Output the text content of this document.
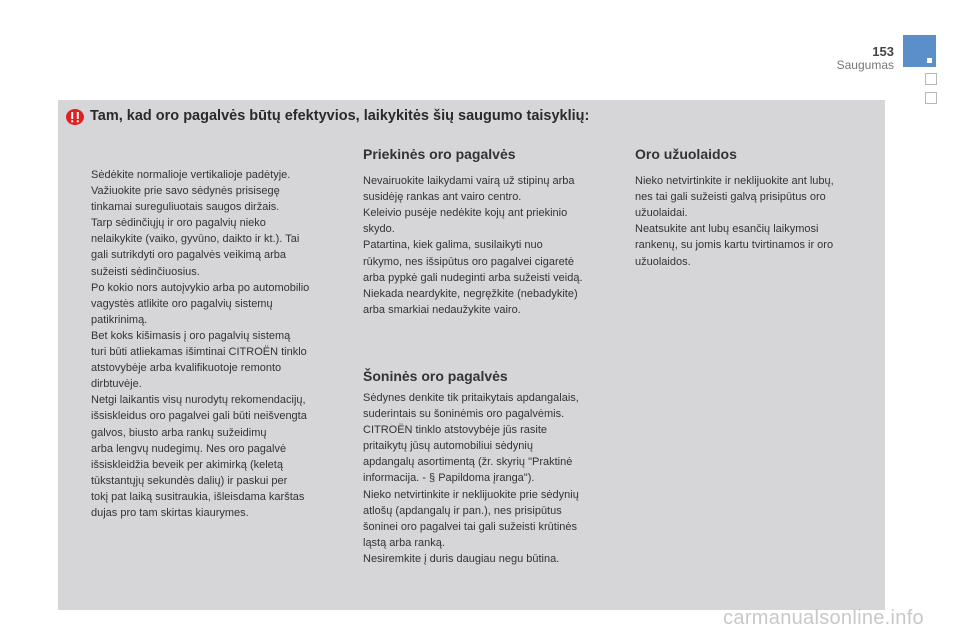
153
Saugumas
Tam, kad oro pagalvės būtų efektyvios, laikykitės šių saugumo taisyklių:

Sėdėkite normalioje vertikalioje padėtyje.

Važiuokite prie savo sėdynės prisisegę

tinkamai sureguliuotais saugos diržais.

Tarp sėdinčiųjų ir oro pagalvių nieko

nelaikykite (vaiko, gyvūno, daikto ir kt.). Tai

gali sutrikdyti oro pagalvės veikimą arba

sužeisti sėdinčiuosius.

Po kokio nors autoįvykio arba po automobilio

vagystės atlikite oro pagalvių sistemų

patikrinimą.

Bet koks kišimasis į oro pagalvių sistemą

turi būti atliekamas išimtinai CITROËN tinklo

atstovybėje arba kvalifikuotoje remonto

dirbtuvėje.

Netgi laikantis visų nurodytų rekomendacijų,

išsiskleidus oro pagalvei gali būti neišvengta

galvos, biusto arba rankų sužeidimų

arba lengvų nudegimų. Nes oro pagalvė

išsiskleidžia beveik per akimirką (keletą

tūkstantųjų sekundės dalių) ir paskui per

tokį pat laiką susitraukia, išleisdama karštas

dujas pro tam skirtas kiaurymes.

Priekinės oro pagalvės

Nevairuokite laikydami vairą už stipinų arba

susidėję rankas ant vairo centro.

Keleivio pusėje nedėkite kojų ant priekinio

skydo.

Patartina, kiek galima, susilaikyti nuo

rūkymo, nes išsipūtus oro pagalvei cigaretė

arba pypkė gali nudeginti arba sužeisti veidą.

Niekada neardykite, negręžkite (nebadykite)

arba smarkiai nedaužykite vairo.

Šoninės oro pagalvės

Sėdynes denkite tik pritaikytais apdangalais,

suderintais su šoninėmis oro pagalvėmis.

CITROËN tinklo atstovybėje jūs rasite

pritaikytų jūsų automobiliui sėdynių

apdangalų asortimentą (žr. skyrių "Praktinė

informacija. - § Papildoma įranga").

Nieko netvirtinkite ir neklijuokite prie sėdynių

atlošų (apdangalų ir pan.), nes prisipūtus

šoninei oro pagalvei tai gali sužeisti krūtinės

ląstą arba ranką.

Nesiremkite į duris daugiau negu būtina.

Oro užuolaidos

Nieko netvirtinkite ir neklijuokite ant lubų,

nes tai gali sužeisti galvą prisipūtus oro

užuolaidai.

Neatsukite ant lubų esančių laikymosi

rankenų, su jomis kartu tvirtinamos ir oro

užuolaidos.

carmanualsonline.info
